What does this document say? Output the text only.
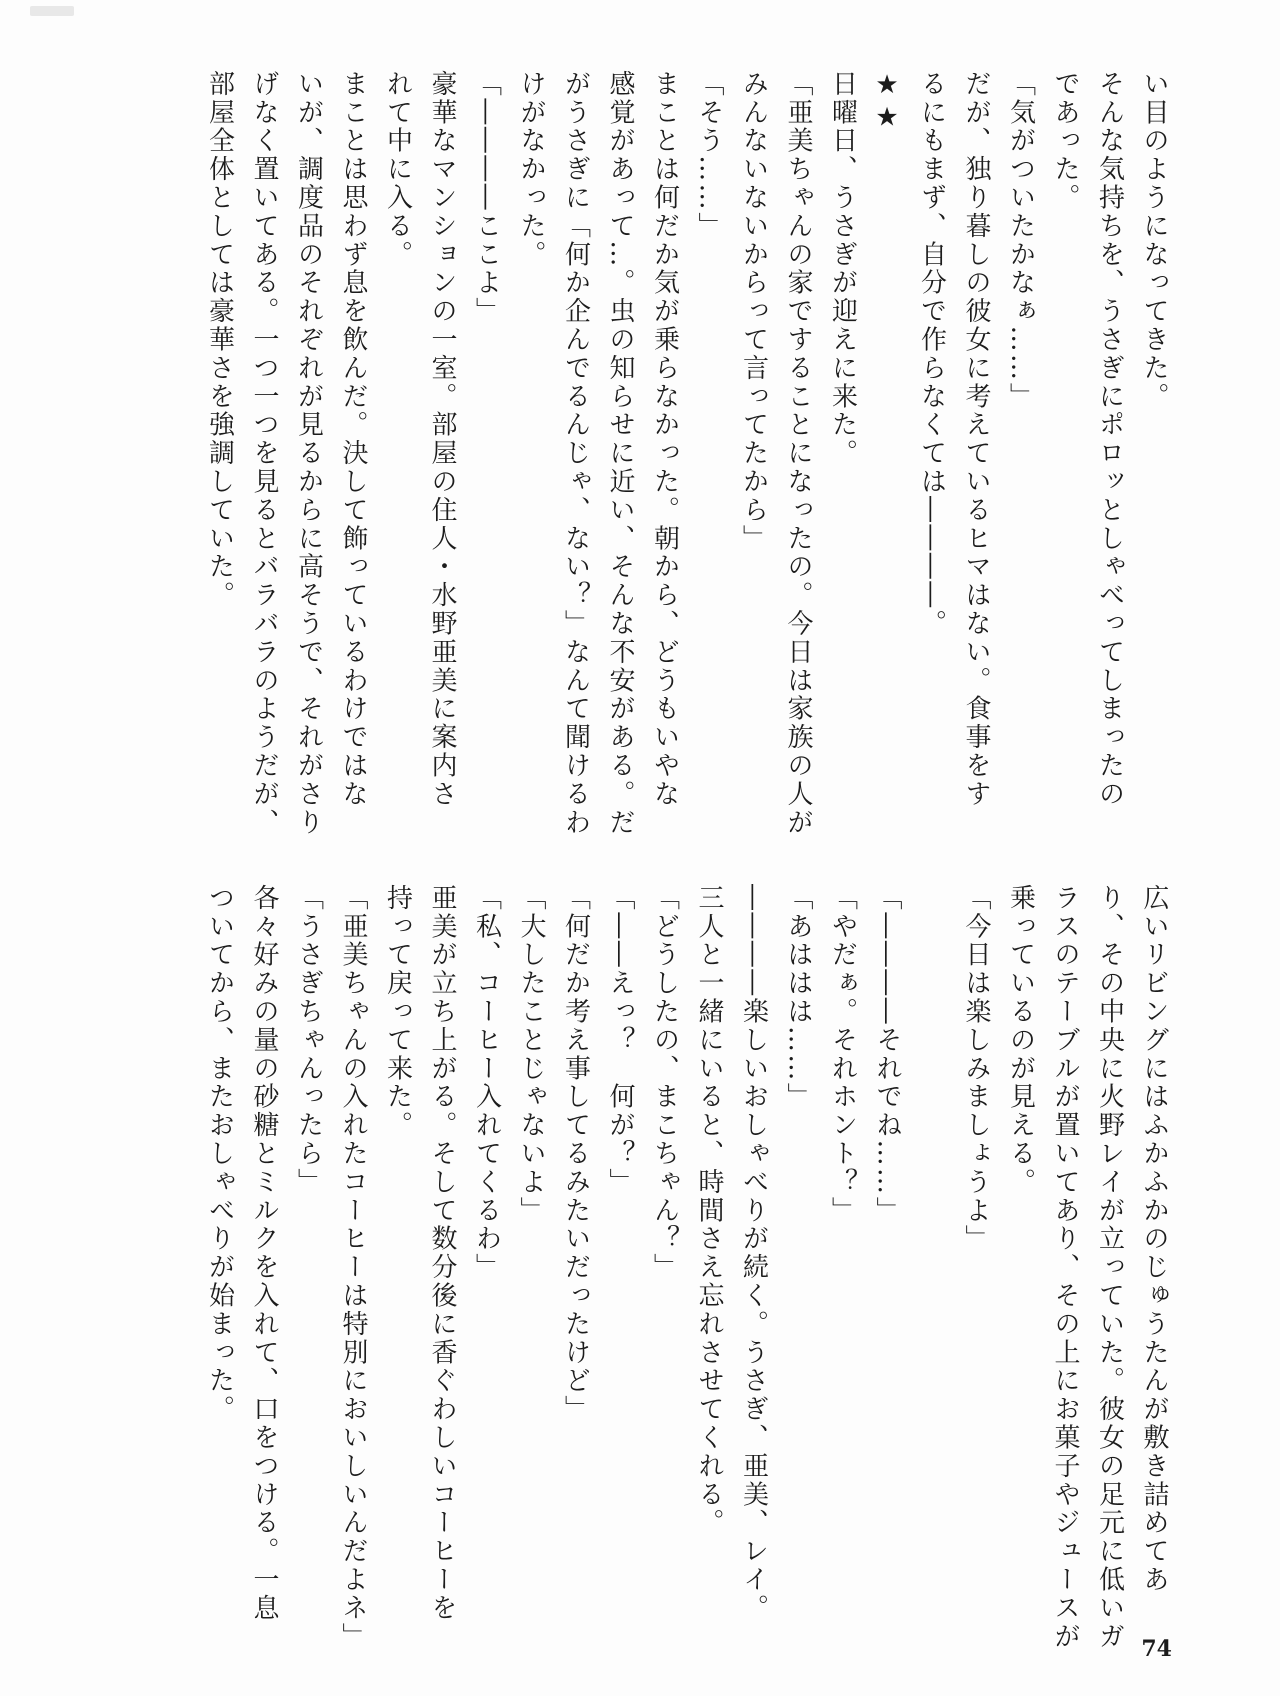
い目のようになってきた。
そんな気持ちを、うさぎにポロッとしゃべってしまったの
であった。
「気がついたかなぁ……」
だが、独り暮しの彼女に考えているヒマはない。食事をす
るにもまず、自分で作らなくては――――。
★★
日曜日、うさぎが迎えに来た。
「亜美ちゃんの家ですることになったの。今日は家族の人が
みんないないからって言ってたから」
「そう……」
まことは何だか気が乗らなかった。朝から、どうもいやな
感覚があって…。虫の知らせに近い、そんな不安がある。だ
がうさぎに「何か企んでるんじゃ、ない？」なんて聞けるわ
けがなかった。
「――――ここよ」
豪華なマンションの一室。部屋の住人・水野亜美に案内さ
れて中に入る。
まことは思わず息を飲んだ。決して飾っているわけではな
いが、調度品のそれぞれが見るからに高そうで、それがさり
げなく置いてある。一つ一つを見るとバラバラのようだが、
部屋全体としては豪華さを強調していた。
広いリビングにはふかふかのじゅうたんが敷き詰めてあ
り、その中央に火野レイが立っていた。彼女の足元に低いガ
ラスのテーブルが置いてあり、その上にお菓子やジュースが
乗っているのが見える。
「今日は楽しみましょうよ」

「――――それでね……」
「やだぁ。それホント？」
「あははは……」
――――楽しいおしゃべりが続く。うさぎ、亜美、レイ。
三人と一緒にいると、時間さえ忘れさせてくれる。
「どうしたの、まこちゃん？」
「――えっ？　何が？」
「何だか考え事してるみたいだったけど」
「大したことじゃないよ」
「私、コーヒー入れてくるわ」
亜美が立ち上がる。そして数分後に香ぐわしいコーヒーを
持って戻って来た。
「亜美ちゃんの入れたコーヒーは特別においしいんだよネ」
「うさぎちゃんったら」
各々好みの量の砂糖とミルクを入れて、口をつける。一息
ついてから、またおしゃべりが始まった。
74
